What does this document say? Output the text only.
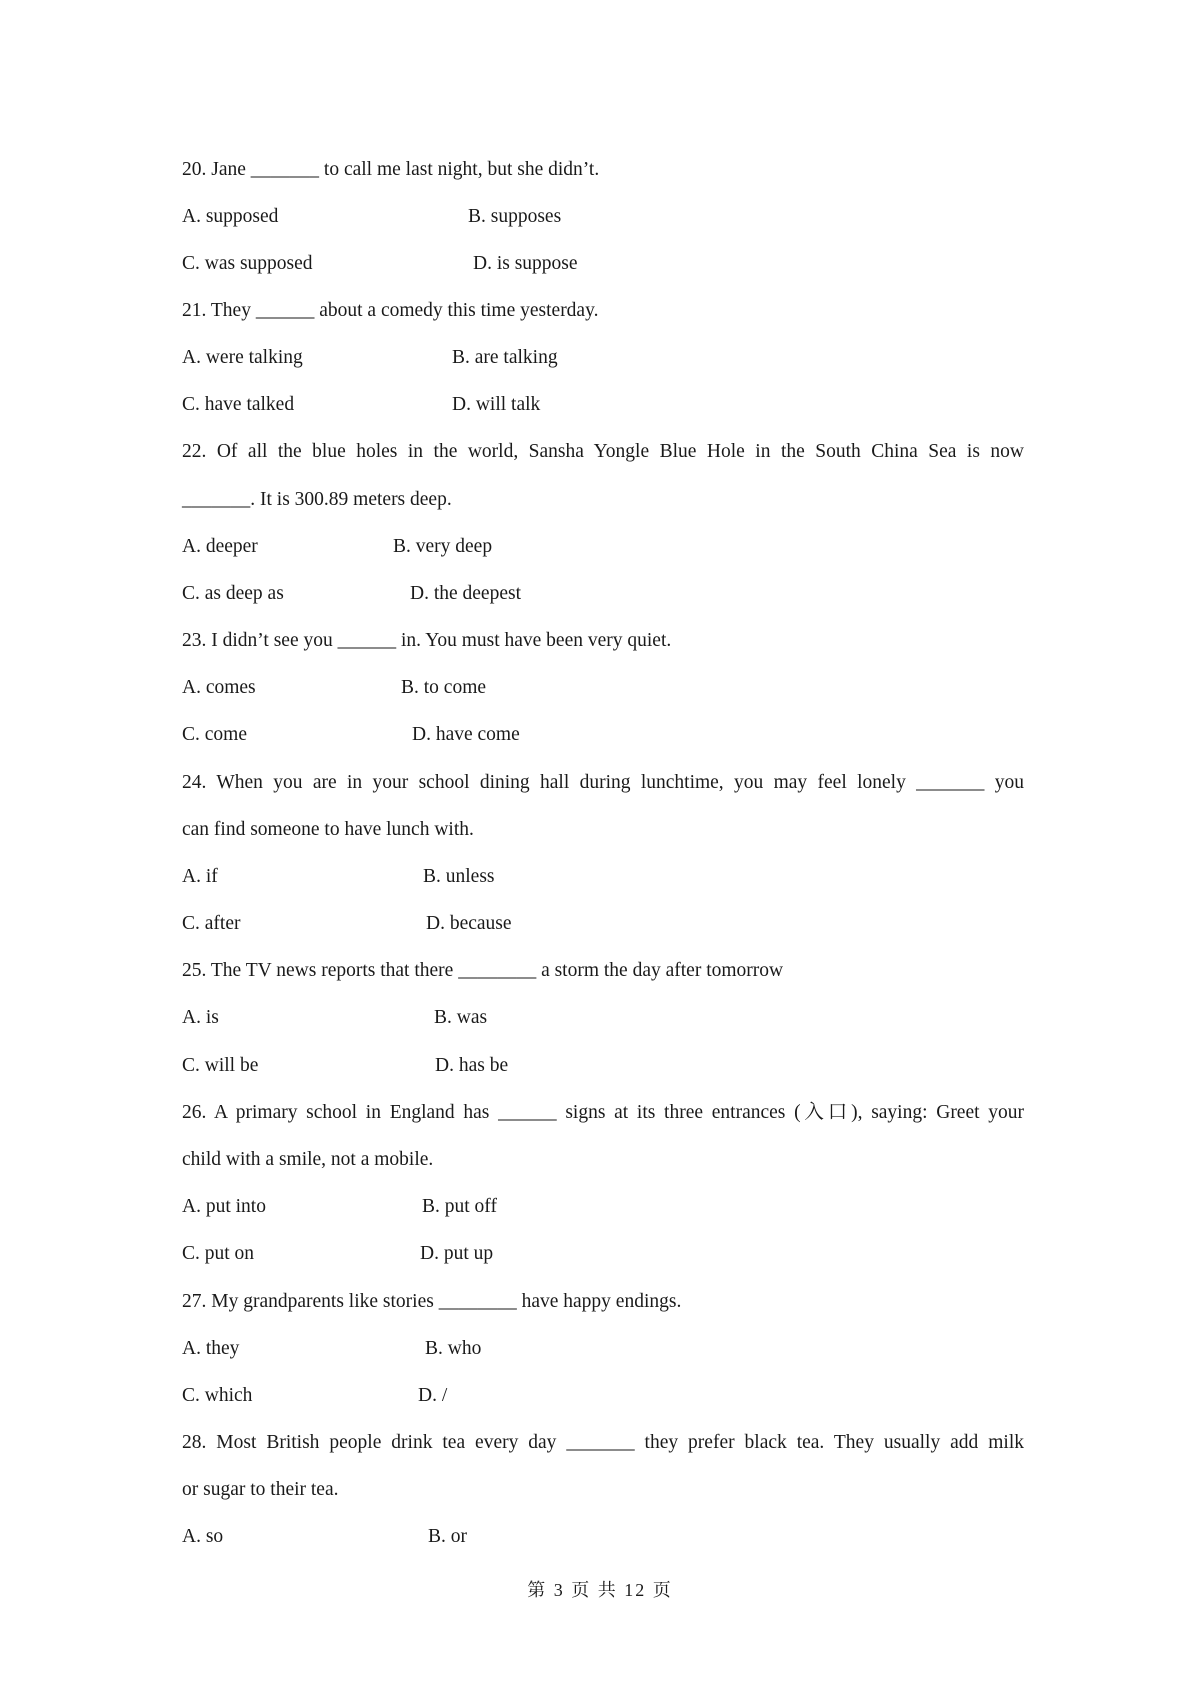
20. Jane _______ to call me last night, but she didn’t.
A. supposed	B. supposes
C. was supposed	D. is suppose
21. They ______ about a comedy this time yesterday.
A. were talking	B. are talking
C. have talked	D. will talk
22. Of all the blue holes in the world, Sansha Yongle Blue Hole in the South China Sea is now
_______. It is 300.89 meters deep.
A. deeper	B. very deep
C. as deep as	D. the deepest
23. I didn’t see you ______ in. You must have been very quiet.
A. comes	B. to come
C. come	D. have come
24. When you are in your school dining hall during lunchtime, you may feel lonely _______ you
can find someone to have lunch with.
A. if	B. unless
C. after	D. because
25. The TV news reports that there ________ a storm the day after tomorrow
A. is	B. was
C. will be	D. has be
26. A primary school in England has ______ signs at its three entrances (入口), saying: Greet your
child with a smile, not a mobile.
A. put into	B. put off
C. put on	D. put up
27. My grandparents like stories ________ have happy endings.
A. they	B. who
C. which	D. /
28. Most British people drink tea every day _______ they prefer black tea. They usually add milk
or sugar to their tea.
A. so	B. or
第 3 页 共 12 页
